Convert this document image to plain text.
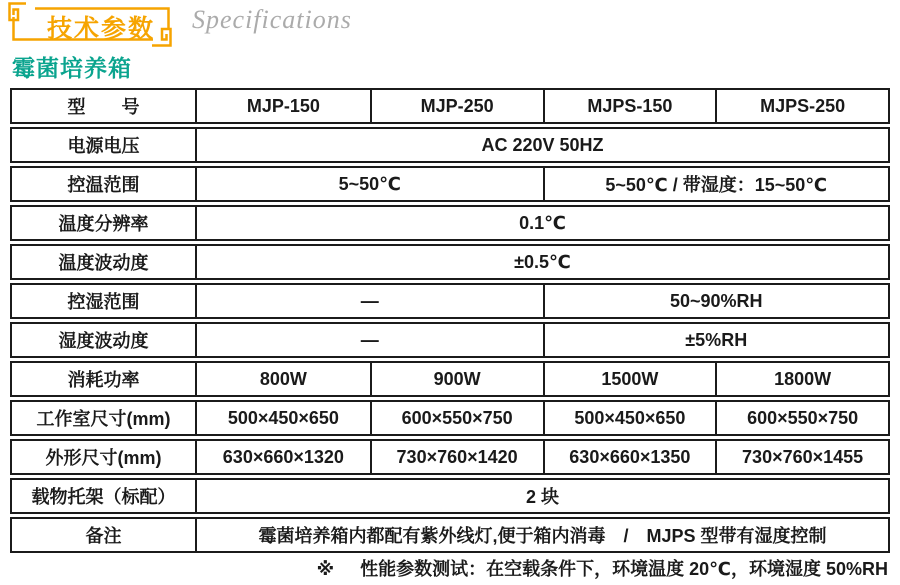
技术参数	Specifications
霉菌培养箱
型　　号	MJP-150	MJP-250	MJPS-150	MJPS-250
电源电压	AC 220V 50HZ
控温范围	5~50℃	5~50℃ / 带湿度：15~50℃
温度分辨率	0.1℃
温度波动度	±0.5℃
控湿范围	—	50~90%RH
湿度波动度	—	±5%RH
消耗功率	800W	900W	1500W	1800W
工作室尺寸(mm)	500×450×650	600×550×750	500×450×650	600×550×750
外形尺寸(mm)	630×660×1320	730×760×1420	630×660×1350	730×760×1455
载物托架（标配）	2 块
备注	霉菌培养箱内都配有紫外线灯,便于箱内消毒　/　MJPS 型带有湿度控制
※ 性能参数测试：在空载条件下，环境温度 20℃，环境湿度 50%RH
